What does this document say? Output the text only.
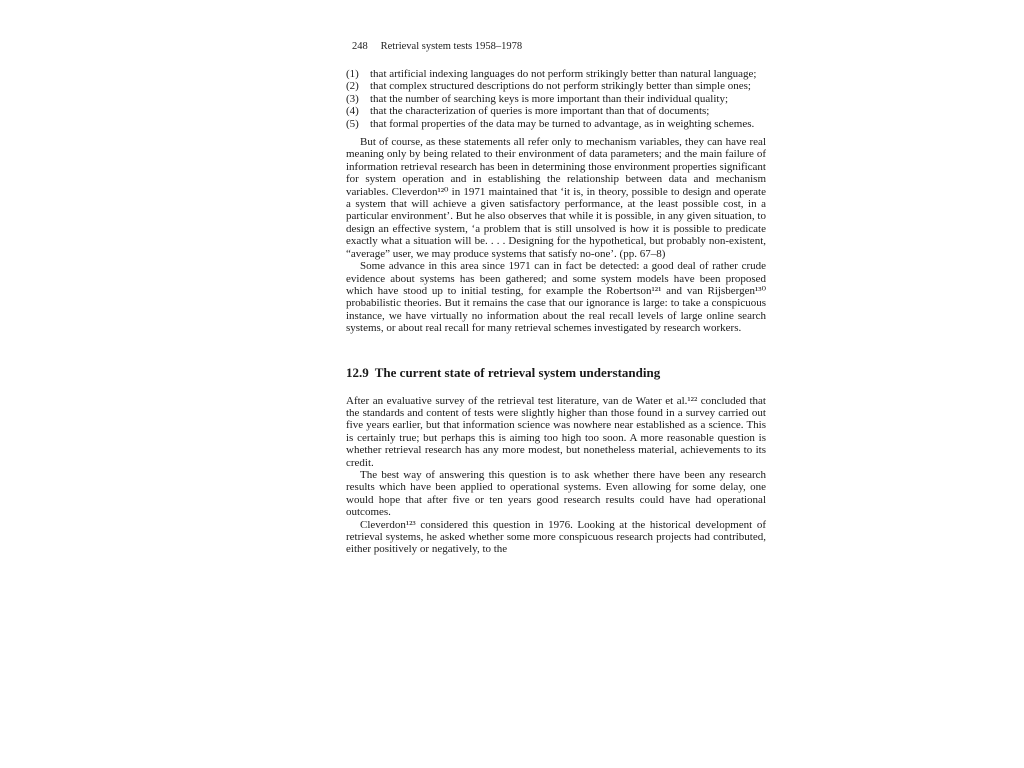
248 Retrieval system tests 1958–1978
(1)	that artificial indexing languages do not perform strikingly better than natural language;
(2)	that complex structured descriptions do not perform strikingly better than simple ones;
(3)	that the number of searching keys is more important than their individual quality;
(4)	that the characterization of queries is more important than that of documents;
(5)	that formal properties of the data may be turned to advantage, as in weighting schemes.

But of course, as these statements all refer only to mechanism variables, they can have real meaning only by being related to their environment of data parameters; and the main failure of information retrieval research has been in determining those environment properties significant for system operation and in establishing the relationship between data and mechanism variables. Cleverdon¹²⁰ in 1971 maintained that ‘it is, in theory, possible to design and operate a system that will achieve a given satisfactory performance, at the least possible cost, in a particular environment’. But he also observes that while it is possible, in any given situation, to design an effective system, ‘a problem that is still unsolved is how it is possible to predicate exactly what a situation will be. . . . Designing for the hypothetical, but probably non-existent, “average” user, we may produce systems that satisfy no-one’. (pp. 67–8)

Some advance in this area since 1971 can in fact be detected: a good deal of rather crude evidence about systems has been gathered; and some system models have been proposed which have stood up to initial testing, for example the Robertson¹²¹ and van Rijsbergen¹³⁰ probabilistic theories. But it remains the case that our ignorance is large: to take a conspicuous instance, we have virtually no information about the real recall levels of large online search systems, or about real recall for many retrieval schemes investigated by research workers.

12.9 The current state of retrieval system understanding

After an evaluative survey of the retrieval test literature, van de Water et al.¹²² concluded that the standards and content of tests were slightly higher than those found in a survey carried out five years earlier, but that information science was nowhere near established as a science. This is certainly true; but perhaps this is aiming too high too soon. A more reasonable question is whether retrieval research has any more modest, but nonetheless material, achievements to its credit.

The best way of answering this question is to ask whether there have been any research results which have been applied to operational systems. Even allowing for some delay, one would hope that after five or ten years good research results could have had operational outcomes.

Cleverdon¹²³ considered this question in 1976. Looking at the historical development of retrieval systems, he asked whether some more conspicuous research projects had contributed, either positively or negatively, to the
